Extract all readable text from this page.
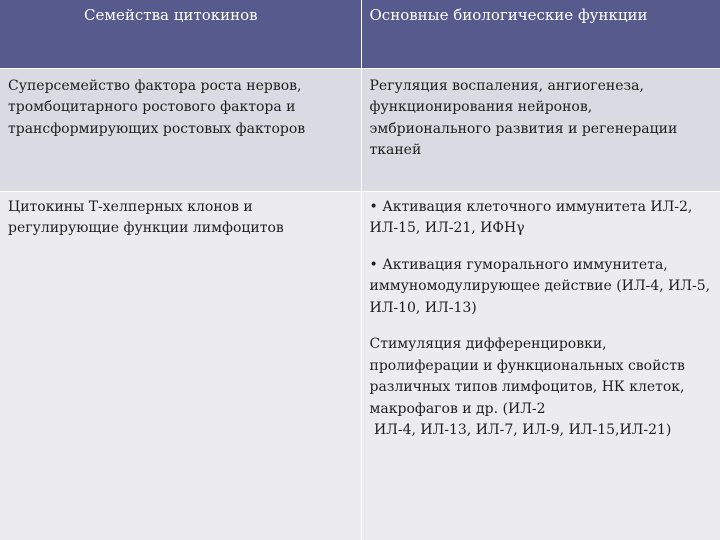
Семейства цитокинов	Основные биологические функции
Суперсемейство фактора роста нервов, тромбоцитарного ростового фактора и трансформирующих ростовых факторов	Регуляция воспаления, ангиогенеза, функционирования нейронов, эмбрионального развития и регенерации тканей
Цитокины Т-хелперных клонов и регулирующие функции лимфоцитов	• Активация клеточного иммунитета ИЛ-2, ИЛ-15, ИЛ-21, ИФНγ

• Активация гуморального иммунитета, иммуномодулирующее действие (ИЛ-4, ИЛ-5, ИЛ-10, ИЛ-13)

Стимуляция дифференцировки, пролиферации и функциональных свойств различных типов лимфоцитов, НК клеток, макрофагов и др. (ИЛ-2
ИЛ-4, ИЛ-13, ИЛ-7, ИЛ-9, ИЛ-15,ИЛ-21)
